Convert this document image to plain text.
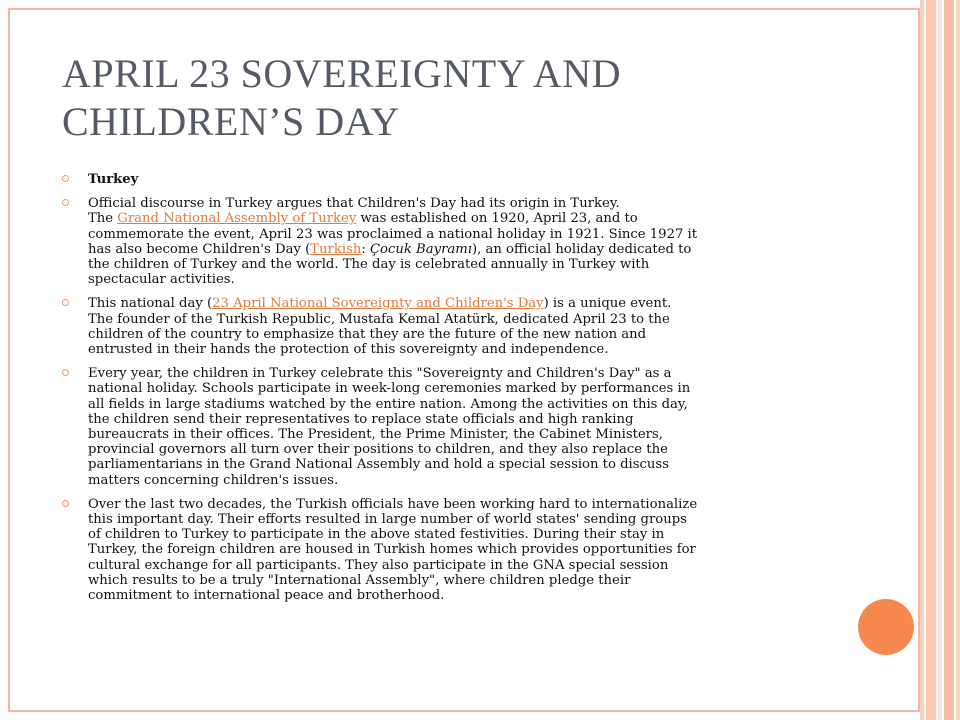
APRIL 23 SOVEREIGNTY AND
CHILDREN’S DAY
Turkey
Official discourse in Turkey argues that Children's Day had its origin in Turkey.
The Grand National Assembly of Turkey was established on 1920, April 23, and to
commemorate the event, April 23 was proclaimed a national holiday in 1921. Since 1927 it
has also become Children's Day (Turkish: Çocuk Bayramı), an official holiday dedicated to
the children of Turkey and the world. The day is celebrated annually in Turkey with
spectacular activities.
This national day (23 April National Sovereignty and Children's Day) is a unique event.
The founder of the Turkish Republic, Mustafa Kemal Atatürk, dedicated April 23 to the
children of the country to emphasize that they are the future of the new nation and
entrusted in their hands the protection of this sovereignty and independence.
Every year, the children in Turkey celebrate this "Sovereignty and Children's Day" as a
national holiday. Schools participate in week-long ceremonies marked by performances in
all fields in large stadiums watched by the entire nation. Among the activities on this day,
the children send their representatives to replace state officials and high ranking
bureaucrats in their offices. The President, the Prime Minister, the Cabinet Ministers,
provincial governors all turn over their positions to children, and they also replace the
parliamentarians in the Grand National Assembly and hold a special session to discuss
matters concerning children's issues.
Over the last two decades, the Turkish officials have been working hard to internationalize
this important day. Their efforts resulted in large number of world states' sending groups
of children to Turkey to participate in the above stated festivities. During their stay in
Turkey, the foreign children are housed in Turkish homes which provides opportunities for
cultural exchange for all participants. They also participate in the GNA special session
which results to be a truly "International Assembly", where children pledge their
commitment to international peace and brotherhood.
